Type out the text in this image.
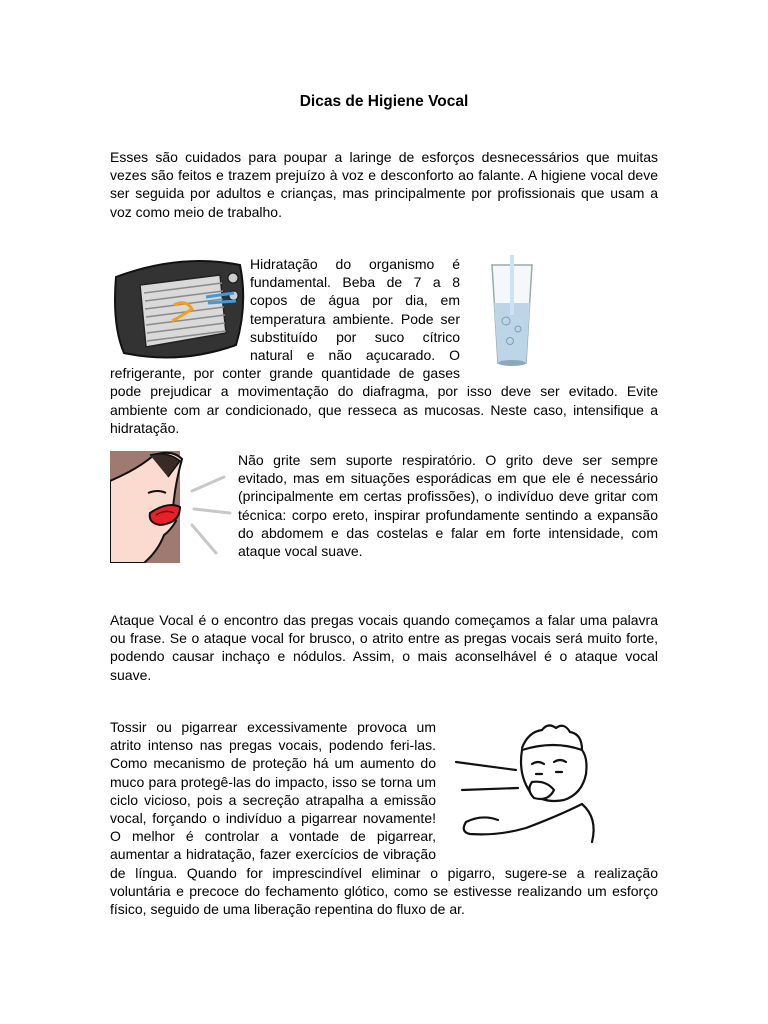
Dicas de Higiene Vocal

Esses são cuidados para poupar a laringe de esforços desnecessários que muitas vezes são feitos e trazem prejuízo à voz e desconforto ao falante. A higiene vocal deve ser seguida por adultos e crianças, mas principalmente por profissionais que usam a voz como meio de trabalho.

Hidratação do organismo é fundamental. Beba de 7 a 8 copos de água por dia, em temperatura ambiente. Pode ser substituído por suco cítrico natural e não açucarado. O refrigerante, por conter grande quantidade de gases pode prejudicar a movimentação do diafragma, por isso deve ser evitado. Evite ambiente com ar condicionado, que resseca as mucosas. Neste caso, intensifique a hidratação.

Não grite sem suporte respiratório. O grito deve ser sempre evitado, mas em situações esporádicas em que ele é necessário (principalmente em certas profissões), o indivíduo deve gritar com técnica: corpo ereto, inspirar profundamente sentindo a expansão do abdomem e das costelas e falar em forte intensidade, com ataque vocal suave.

Ataque Vocal é o encontro das pregas vocais quando começamos a falar uma palavra ou frase. Se o ataque vocal for brusco, o atrito entre as pregas vocais será muito forte, podendo causar inchaço e nódulos. Assim, o mais aconselhável é o ataque vocal suave.

Tossir ou pigarrear excessivamente provoca um atrito intenso nas pregas vocais, podendo feri-las. Como mecanismo de proteção há um aumento do muco para protegê-las do impacto, isso se torna um ciclo vicioso, pois a secreção atrapalha a emissão vocal, forçando o indivíduo a pigarrear novamente! O melhor é controlar a vontade de pigarrear, aumentar a hidratação, fazer exercícios de vibração de língua. Quando for imprescindível eliminar o pigarro, sugere-se a realização voluntária e precoce do fechamento glótico, como se estivesse realizando um esforço físico, seguido de uma liberação repentina do fluxo de ar.
